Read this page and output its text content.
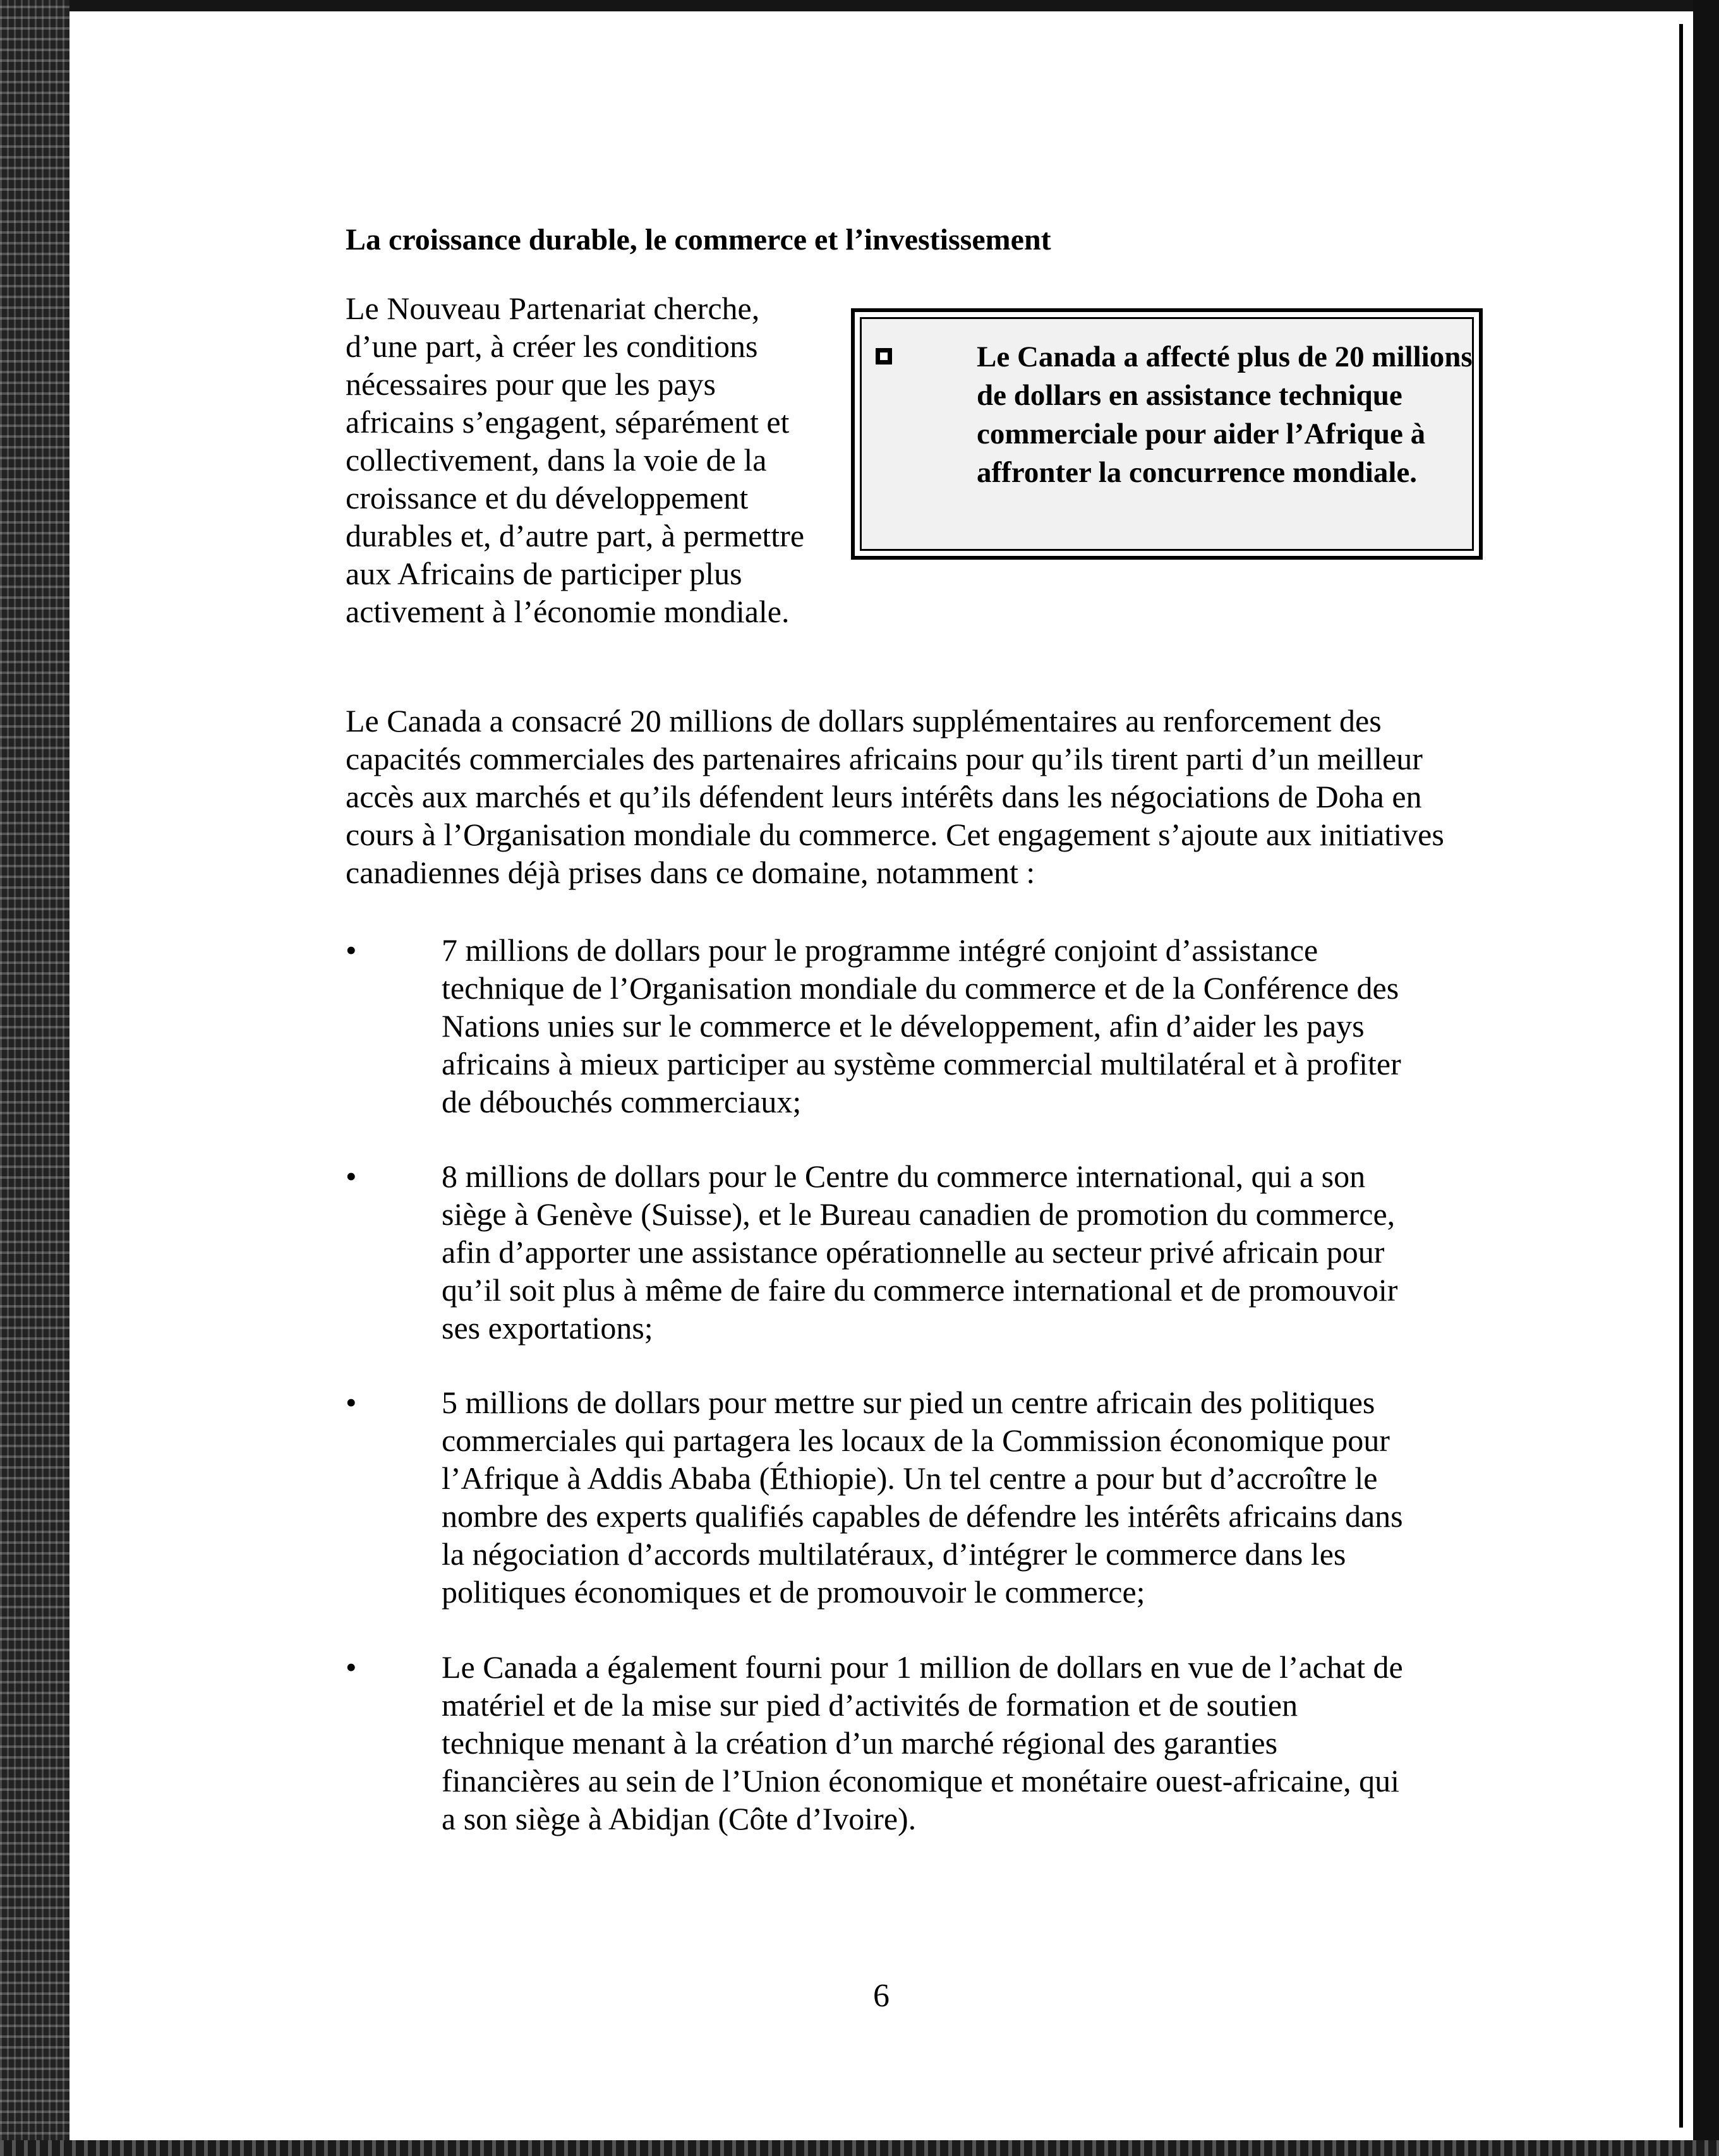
La croissance durable, le commerce et l’investissement

Le Canada a affecté plus de 20 millions de dollars en assistance technique commerciale pour aider l’Afrique à affronter la concurrence mondiale.

Le Nouveau Partenariat cherche, d’une part, à créer les conditions nécessaires pour que les pays africains s’engagent, séparément et collectivement, dans la voie de la croissance et du développement durables et, d’autre part, à permettre aux Africains de participer plus activement à l’économie mondiale.

Le Canada a consacré 20 millions de dollars supplémentaires au renforcement des capacités commerciales des partenaires africains pour qu’ils tirent parti d’un meilleur accès aux marchés et qu’ils défendent leurs intérêts dans les négociations de Doha en cours à l’Organisation mondiale du commerce. Cet engagement s’ajoute aux initiatives canadiennes déjà prises dans ce domaine, notamment :

•	7 millions de dollars pour le programme intégré conjoint d’assistance technique de l’Organisation mondiale du commerce et de la Conférence des Nations unies sur le commerce et le développement, afin d’aider les pays africains à mieux participer au système commercial multilatéral et à profiter de débouchés commerciaux;

•	8 millions de dollars pour le Centre du commerce international, qui a son siège à Genève (Suisse), et le Bureau canadien de promotion du commerce, afin d’apporter une assistance opérationnelle au secteur privé africain pour qu’il soit plus à même de faire du commerce international et de promouvoir ses exportations;

•	5 millions de dollars pour mettre sur pied un centre africain des politiques commerciales qui partagera les locaux de la Commission économique pour l’Afrique à Addis Ababa (Éthiopie). Un tel centre a pour but d’accroître le nombre des experts qualifiés capables de défendre les intérêts africains dans la négociation d’accords multilatéraux, d’intégrer le commerce dans les politiques économiques et de promouvoir le commerce;

•	Le Canada a également fourni pour 1 million de dollars en vue de l’achat de matériel et de la mise sur pied d’activités de formation et de soutien technique menant à la création d’un marché régional des garanties financières au sein de l’Union économique et monétaire ouest-africaine, qui a son siège à Abidjan (Côte d’Ivoire).

6
